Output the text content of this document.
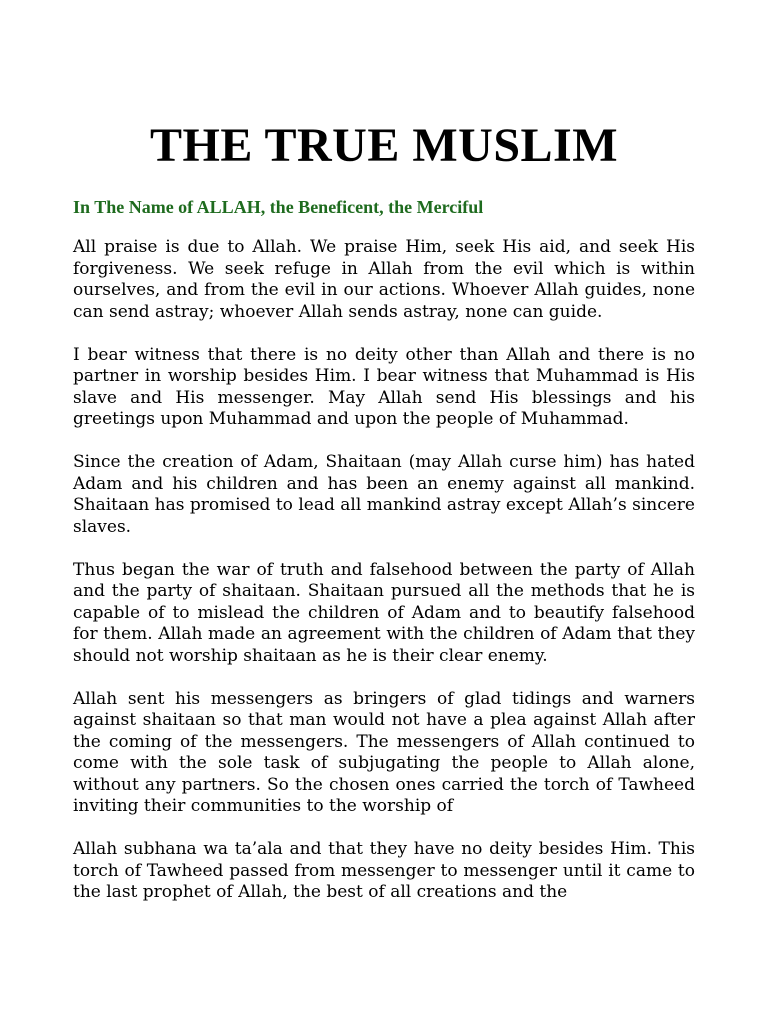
THE TRUE MUSLIM

In The Name of ALLAH, the Beneficent, the Merciful

All praise is due to Allah. We praise Him, seek His aid, and seek His forgiveness. We seek refuge in Allah from the evil which is within ourselves, and from the evil in our actions. Whoever Allah guides, none can send astray; whoever Allah sends astray, none can guide.

I bear witness that there is no deity other than Allah and there is no partner in worship besides Him. I bear witness that Muhammad is His slave and His messenger. May Allah send His blessings and his greetings upon Muhammad and upon the people of Muhammad.

Since the creation of Adam, Shaitaan (may Allah curse him) has hated Adam and his children and has been an enemy against all mankind. Shaitaan has promised to lead all mankind astray except Allah’s sincere slaves.

Thus began the war of truth and falsehood between the party of Allah and the party of shaitaan. Shaitaan pursued all the methods that he is capable of to mislead the children of Adam and to beautify falsehood for them. Allah made an agreement with the children of Adam that they should not worship shaitaan as he is their clear enemy.

Allah sent his messengers as bringers of glad tidings and warners against shaitaan so that man would not have a plea against Allah after the coming of the messengers. The messengers of Allah continued to come with the sole task of subjugating the people to Allah alone, without any partners. So the chosen ones carried the torch of Tawheed inviting their communities to the worship of

Allah subhana wa ta’ala and that they have no deity besides Him. This torch of Tawheed passed from messenger to messenger until it came to the last prophet of Allah, the best of all creations and the
